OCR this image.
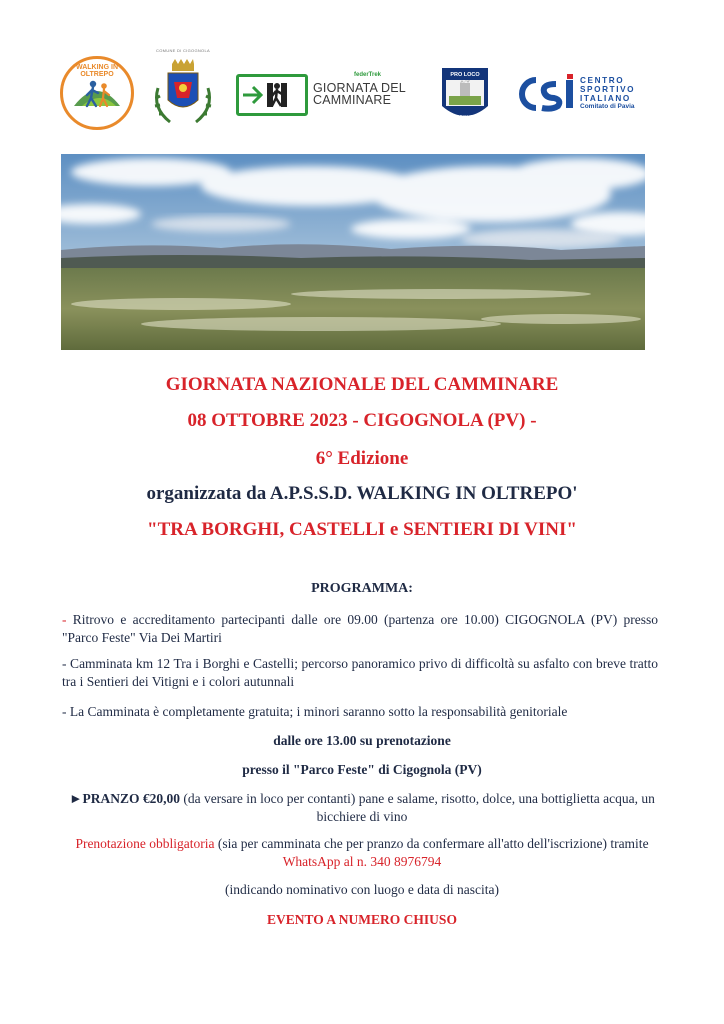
WALKING IN OLTREPO
COMUNE DI CIGOGNOLA
federTrek
GIORNATA DEL
CAMMINARE
PRO LOCO
CIGOGNOLA
CENTRO
SPORTIVO
ITALIANO
Comitato di Pavia
GIORNATA NAZIONALE DEL CAMMINARE
08 OTTOBRE 2023 - CIGOGNOLA (PV) -
6° Edizione
organizzata da A.P.S.S.D. WALKING IN OLTREPO'
"TRA BORGHI, CASTELLI e SENTIERI DI VINI"
PROGRAMMA:
- Ritrovo e accreditamento partecipanti dalle ore 09.00 (partenza ore 10.00) CIGOGNOLA (PV) presso "Parco Feste" Via Dei Martiri
- Camminata km 12 Tra i Borghi e Castelli; percorso panoramico privo di difficoltà su asfalto con breve tratto tra i Sentieri dei Vitigni e i colori autunnali
- La Camminata è completamente gratuita; i minori saranno sotto la responsabilità genitoriale
dalle ore 13.00 su prenotazione
presso il "Parco Feste" di Cigognola (PV)
►PRANZO €20,00 (da versare in loco per contanti) pane e salame, risotto, dolce, una bottiglietta acqua, un bicchiere di vino
Prenotazione obbligatoria (sia per camminata che per pranzo da confermare all'atto dell'iscrizione) tramite WhatsApp al n. 340 8976794
(indicando nominativo con luogo e data di nascita)
EVENTO A NUMERO CHIUSO
